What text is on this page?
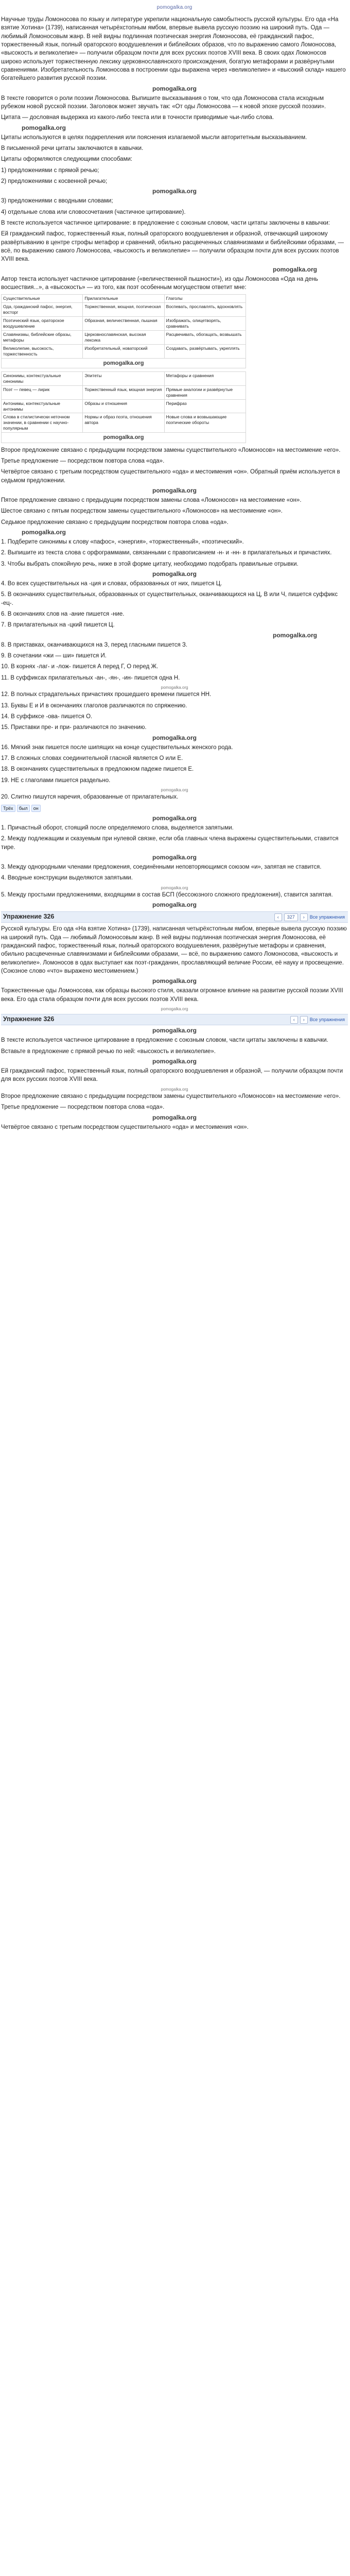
pomogalka.org

Научные труды Ломоносова по языку и литературе укрепили национальную самобытность русской культуры. Его ода «На взятие Хотина» (1739), написанная четырёхстопным ямбом, впервые вывела русскую поэзию на широкий путь. Ода — любимый Ломоносовым жанр. В ней видны подлинная поэтическая энергия Ломоносова, её гражданский пафос, торжественный язык, полный ораторского воодушевления и библейских образов, что по выражению самого Ломоносова, «высокость и великолепие» — получили образцом почти для всех русских поэтов XVIII века. В своих одах Ломоносов широко использует торжественную лексику церковнославянского происхождения, богатую метафорами и развёрнутыми сравнениями. Изобретательность Ломоносова в построении оды выражена через «великолепие» и «высокий склад» нашего богатейшего развития русской поэзии.

pomogalka.org

В тексте говорится о роли поэзии Ломоносова. Выпишите высказывания о том, что ода Ломоносова стала исходным рубежом новой русской поэзии. Заголовок может звучать так: «От оды Ломоносова — к новой эпохе русской поэзии».

Цитата — дословная выдержка из какого-либо текста или в точности приводимые чьи-либо слова.

pomogalka.org

Цитаты используются в целях подкрепления или пояснения излагаемой мысли авторитетным высказыванием.

В письменной речи цитаты заключаются в кавычки.

Цитаты оформляются следующими способами:

1) предложениями с прямой речью;

2) предложениями с косвенной речью;

pomogalka.org

3) предложениями с вводными словами;

4) отдельные слова или словосочетания (частичное цитирование).

В тексте используется частичное цитирование: в предложение с союзным словом, части цитаты заключены в кавычки:

Ей гражданский пафос, торжественный язык, полный ораторского воодушевления и образной, отвечающий широкому развёртыванию в центре строфы метафор и сравнений, обильно расцвеченных славянизмами и библейскими образами, — всё, по выражению самого Ломоносова, «высокость и великолепие» — получили образцом почти для всех русских поэтов XVIII века.

pomogalka.org

Автор текста использует частичное цитирование («величественной пышности»), из оды Ломоносова «Ода на день восшествия...», а «высокость» — из того, как поэт особенным могуществом ответит мне:

Существительные	Прилагательные	Глаголы
Ода, гражданский пафос, энергия, восторг	Торжественная, мощная, поэтическая	Воспевать, прославлять, вдохновлять
Поэтический язык, ораторское воодушевление	Образная, величественная, пышная	Изображать, олицетворять, сравнивать
Славянизмы, библейские образы, метафоры	Церковнославянская, высокая лексика	Расцвечивать, обогащать, возвышать
Великолепие, высокость, торжественность	Изобретательный, новаторский	Создавать, развёртывать, укреплять
pomogalka.org		
Синонимы, контекстуальные синонимы	Эпитеты	Метафоры и сравнения
Поэт — певец — лирик	Торжественный язык, мощная энергия	Прямые аналогии и развёрнутые сравнения
Антонимы, контекстуальные антонимы	Образы и отношения	Перифраз
Слова в стилистически неточном значении, в сравнении с научно-популярным	Нормы и образ поэта, отношения автора	Новые слова и возвышающие поэтические обороты
pomogalka.org		

Второе предложение связано с предыдущим посредством замены существительного «Ломоносов» на местоимение «его».

Третье предложение — посредством повтора слова «ода».

Четвёртое связано с третьим посредством существительного «ода» и местоимения «он». Обратный приём используется в седьмом предложении.

pomogalka.org

Пятое предложение связано с предыдущим посредством замены слова «Ломоносов» на местоимение «он».

Шестое связано с пятым посредством замены существительного «Ломоносов» на местоимение «он».

Седьмое предложение связано с предыдущим посредством повтора слова «ода».

pomogalka.org

1. Подберите синонимы к слову «пафос», «энергия», «торжественный», «поэтический».

2. Выпишите из текста слова с орфограммами, связанными с правописанием -н- и -нн- в прилагательных и причастиях.

3. Чтобы выбрать спокойную речь, ниже в этой форме цитату, необходимо подобрать правильные отрывки.

pomogalka.org

4. Во всех существительных на -ция и словах, образованных от них, пишется Ц.

5. В окончаниях существительных, образованных от существительных, оканчивающихся на Ц, В или Ч, пишется суффикс -ец-.

6. В окончаниях слов на -ание пишется -ние.

7. В прилагательных на -цкий пишется Ц.

pomogalka.org

8. В приставках, оканчивающихся на З, перед гласными пишется З.

9. В сочетании «жи — ши» пишется И.

10. В корнях -лаг- и -лож- пишется А перед Г, О перед Ж.

11. В суффиксах прилагательных -ан-, -ян-, -ин- пишется одна Н.

pomogalka.org

12. В полных страдательных причастиях прошедшего времени пишется НН.

13. Буквы Е и И в окончаниях глаголов различаются по спряжению.

14. В суффиксе -ова- пишется О.

15. Приставки пре- и при- различаются по значению.

pomogalka.org

16. Мягкий знак пишется после шипящих на конце существительных женского рода.

17. В сложных словах соединительной гласной является О или Е.

18. В окончаниях существительных в предложном падеже пишется Е.

19. НЕ с глаголами пишется раздельно.

pomogalka.org

20. Слитно пишутся наречия, образованные от прилагательных.

Трёх был он

pomogalka.org

1. Причастный оборот, стоящий после определяемого слова, выделяется запятыми.

2. Между подлежащим и сказуемым при нулевой связке, если оба главных члена выражены существительными, ставится тире.

pomogalka.org

3. Между однородными членами предложения, соединёнными неповторяющимся союзом «и», запятая не ставится.

4. Вводные конструкции выделяются запятыми.

pomogalka.org

5. Между простыми предложениями, входящими в состав БСП (бессоюзного сложного предложения), ставится запятая.

pomogalka.org
Упражнение 326	‹	327	›	Все упражнения

Русской культуры. Его ода «На взятие Хотина» (1739), написанная четырёхстопным ямбом, впервые вывела русскую поэзию на широкий путь. Ода — любимый Ломоносовым жанр. В ней видны подлинная поэтическая энергия Ломоносова, её гражданский пафос, торжественный язык, полный ораторского воодушевления, развёрнутые метафоры и сравнения, обильно расцвеченные славянизмами и библейскими образами, — всё, по выражению самого Ломоносова, «высокость и великолепие». Ломоносов в одах выступает как поэт-гражданин, прославляющий величие России, её науку и просвещение. (Союзное слово «что» выражено местоимением.)

pomogalka.org

Торжественные оды Ломоносова, как образцы высокого стиля, оказали огромное влияние на развитие русской поэзии XVIII века. Его ода стала образцом почти для всех русских поэтов XVIII века.

pomogalka.org
Упражнение 326	‹	›	Все упражнения
pomogalka.org

В тексте используется частичное цитирование в предложение с союзным словом, части цитаты заключены в кавычки.

Вставьте в предложение с прямой речью по ней: «высокость и великолепие».

pomogalka.org

Ей гражданский пафос, торжественный язык, полный ораторского воодушевления и образной, — получили образцом почти для всех русских поэтов XVIII века.

pomogalka.org

Второе предложение связано с предыдущим посредством замены существительного «Ломоносов» на местоимение «его».

Третье предложение — посредством повтора слова «ода».

pomogalka.org

Четвёртое связано с третьим посредством существительного «ода» и местоимения «он».
